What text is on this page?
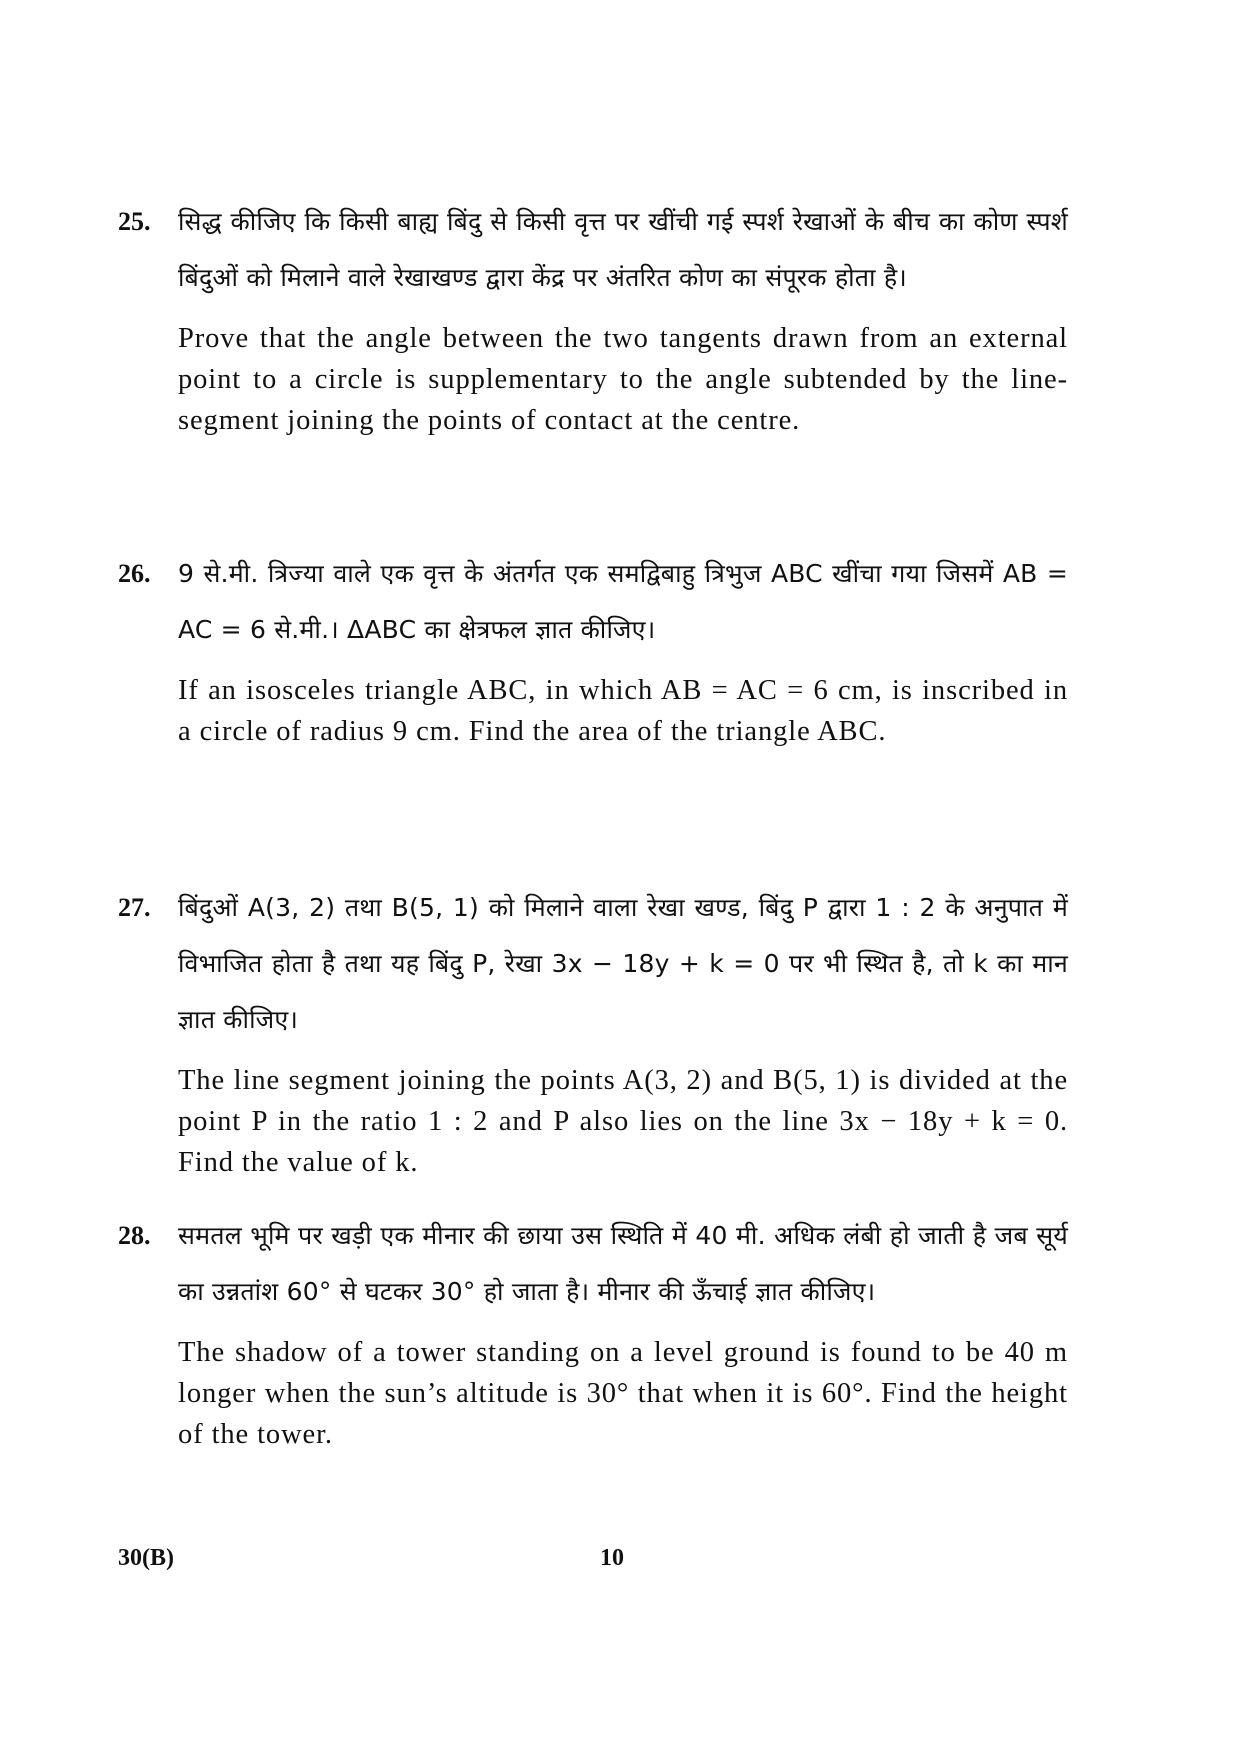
25. सिद्ध कीजिए कि किसी बाह्य बिंदु से किसी वृत्त पर खींची गई स्पर्श रेखाओं के बीच का कोण स्पर्श बिंदुओं को मिलाने वाले रेखाखण्ड द्वारा केंद्र पर अंतरित कोण का संपूरक होता है।

Prove that the angle between the two tangents drawn from an external point to a circle is supplementary to the angle subtended by the line-segment joining the points of contact at the centre.

26. 9 से.मी. त्रिज्या वाले एक वृत्त के अंतर्गत एक समद्विबाहु त्रिभुज ABC खींचा गया जिसमें AB = AC = 6 से.मी.। ΔABC का क्षेत्रफल ज्ञात कीजिए।

If an isosceles triangle ABC, in which AB = AC = 6 cm, is inscribed in a circle of radius 9 cm. Find the area of the triangle ABC.

27. बिंदुओं A(3, 2) तथा B(5, 1) को मिलाने वाला रेखा खण्ड, बिंदु P द्वारा 1 : 2 के अनुपात में विभाजित होता है तथा यह बिंदु P, रेखा 3x − 18y + k = 0 पर भी स्थित है, तो k का मान ज्ञात कीजिए।

The line segment joining the points A(3, 2) and B(5, 1) is divided at the point P in the ratio 1 : 2 and P also lies on the line 3x − 18y + k = 0. Find the value of k.

28. समतल भूमि पर खड़ी एक मीनार की छाया उस स्थिति में 40 मी. अधिक लंबी हो जाती है जब सूर्य का उन्नतांश 60° से घटकर 30° हो जाता है। मीनार की ऊँचाई ज्ञात कीजिए।

The shadow of a tower standing on a level ground is found to be 40 m longer when the sun’s altitude is 30° that when it is 60°. Find the height of the tower.

30(B)	10
